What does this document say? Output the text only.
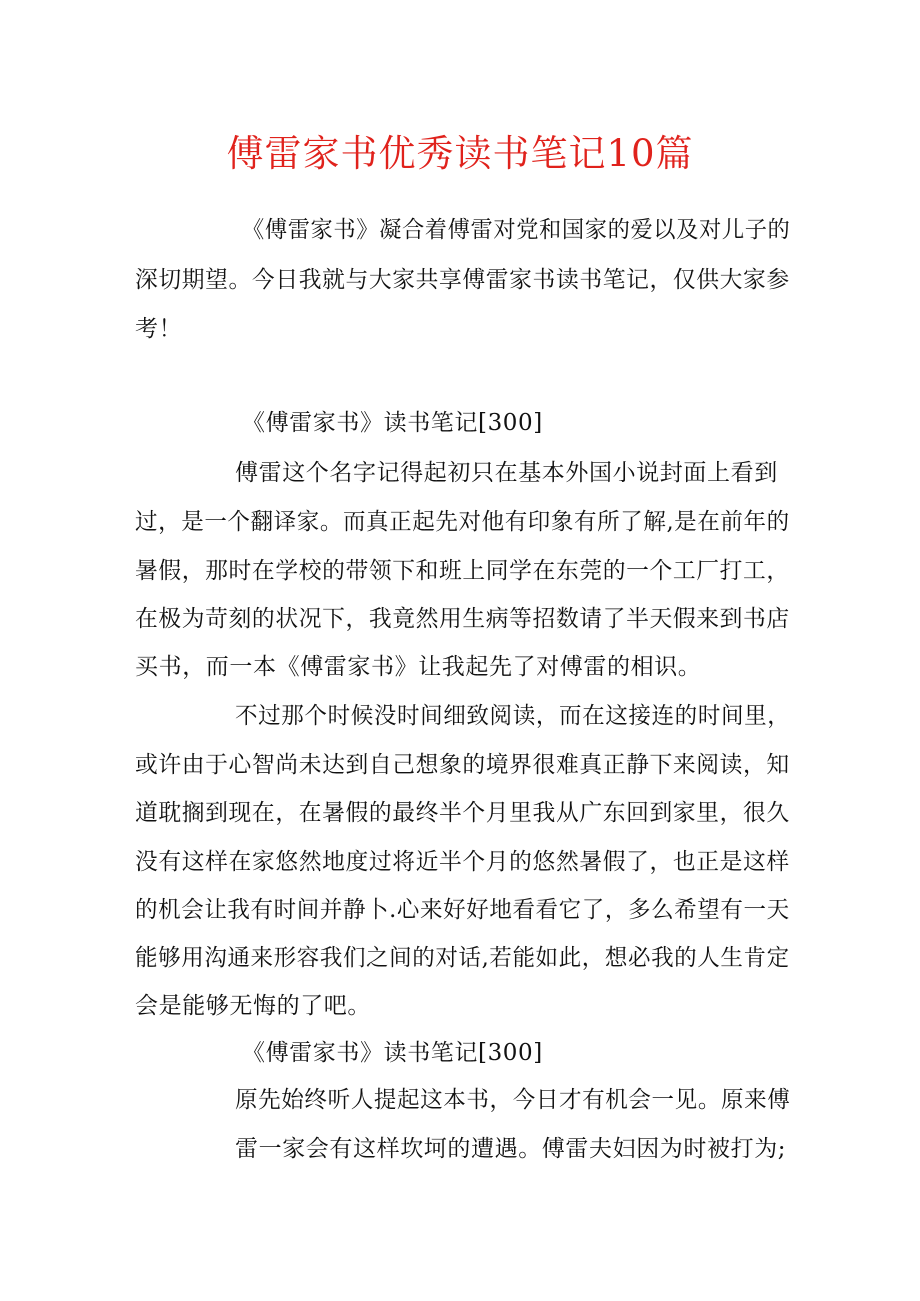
傅雷家书优秀读书笔记10篇
《傅雷家书》凝合着傅雷对党和国家的爱以及对儿子的
深切期望。今日我就与大家共享傅雷家书读书笔记，仅供大家参
考！
《傅雷家书》读书笔记[300]
傅雷这个名字记得起初只在基本外国小说封面上看到
过，是一个翻译家。而真正起先对他有印象有所了解,是在前年的
暑假，那时在学校的带领下和班上同学在东莞的一个工厂打工，
在极为苛刻的状况下，我竟然用生病等招数请了半天假来到书店
买书，而一本《傅雷家书》让我起先了对傅雷的相识。
不过那个时候没时间细致阅读，而在这接连的时间里，
或许由于心智尚未达到自己想象的境界很难真正静下来阅读，知
道耽搁到现在，在暑假的最终半个月里我从广东回到家里，很久
没有这样在家悠然地度过将近半个月的悠然暑假了，也正是这样
的机会让我有时间并静卜.心来好好地看看它了，多么希望有一天
能够用沟通来形容我们之间的对话,若能如此，想必我的人生肯定
会是能够无悔的了吧。
《傅雷家书》读书笔记[300]
原先始终听人提起这本书，今日才有机会一见。原来傅
雷一家会有这样坎坷的遭遇。傅雷夫妇因为时被打为;
